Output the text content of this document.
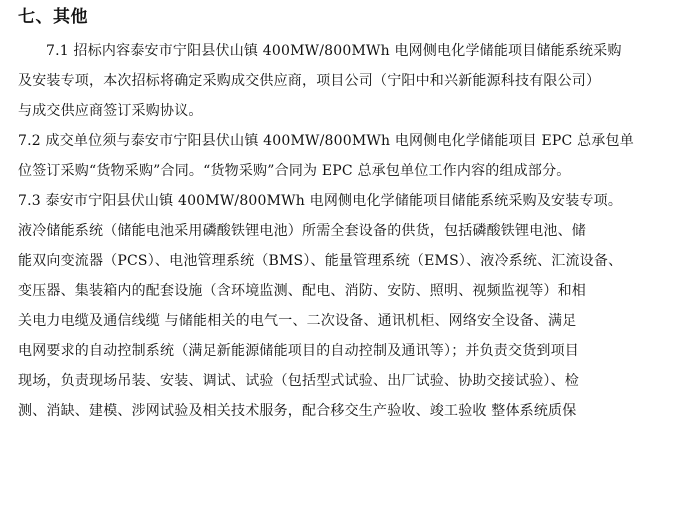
七、其他
7.1 招标内容泰安市宁阳县伏山镇 400MW/800MWh 电网侧电化学储能项目储能系统采购
及安装专项，本次招标将确定采购成交供应商，项目公司（宁阳中和兴新能源科技有限公司）
与成交供应商签订采购协议。
7.2 成交单位须与泰安市宁阳县伏山镇 400MW/800MWh 电网侧电化学储能项目 EPC 总承包单
位签订采购“货物采购”合同。“货物采购”合同为 EPC 总承包单位工作内容的组成部分。
7.3 泰安市宁阳县伏山镇 400MW/800MWh 电网侧电化学储能项目储能系统采购及安装专项。
液冷储能系统（储能电池采用磷酸铁锂电池）所需全套设备的供货，包括磷酸铁锂电池、储
能双向变流器（PCS）、电池管理系统（BMS）、能量管理系统（EMS）、液冷系统、汇流设备、
变压器、集装箱内的配套设施（含环境监测、配电、消防、安防、照明、视频监视等）和相
关电力电缆及通信线缆 与储能相关的电气一、二次设备、通讯机柜、网络安全设备、满足
电网要求的自动控制系统（满足新能源储能项目的自动控制及通讯等）；并负责交货到项目
现场，负责现场吊装、安装、调试、试验（包括型式试验、出厂试验、协助交接试验）、检
测、消缺、建模、涉网试验及相关技术服务，配合移交生产验收、竣工验收 整体系统质保
